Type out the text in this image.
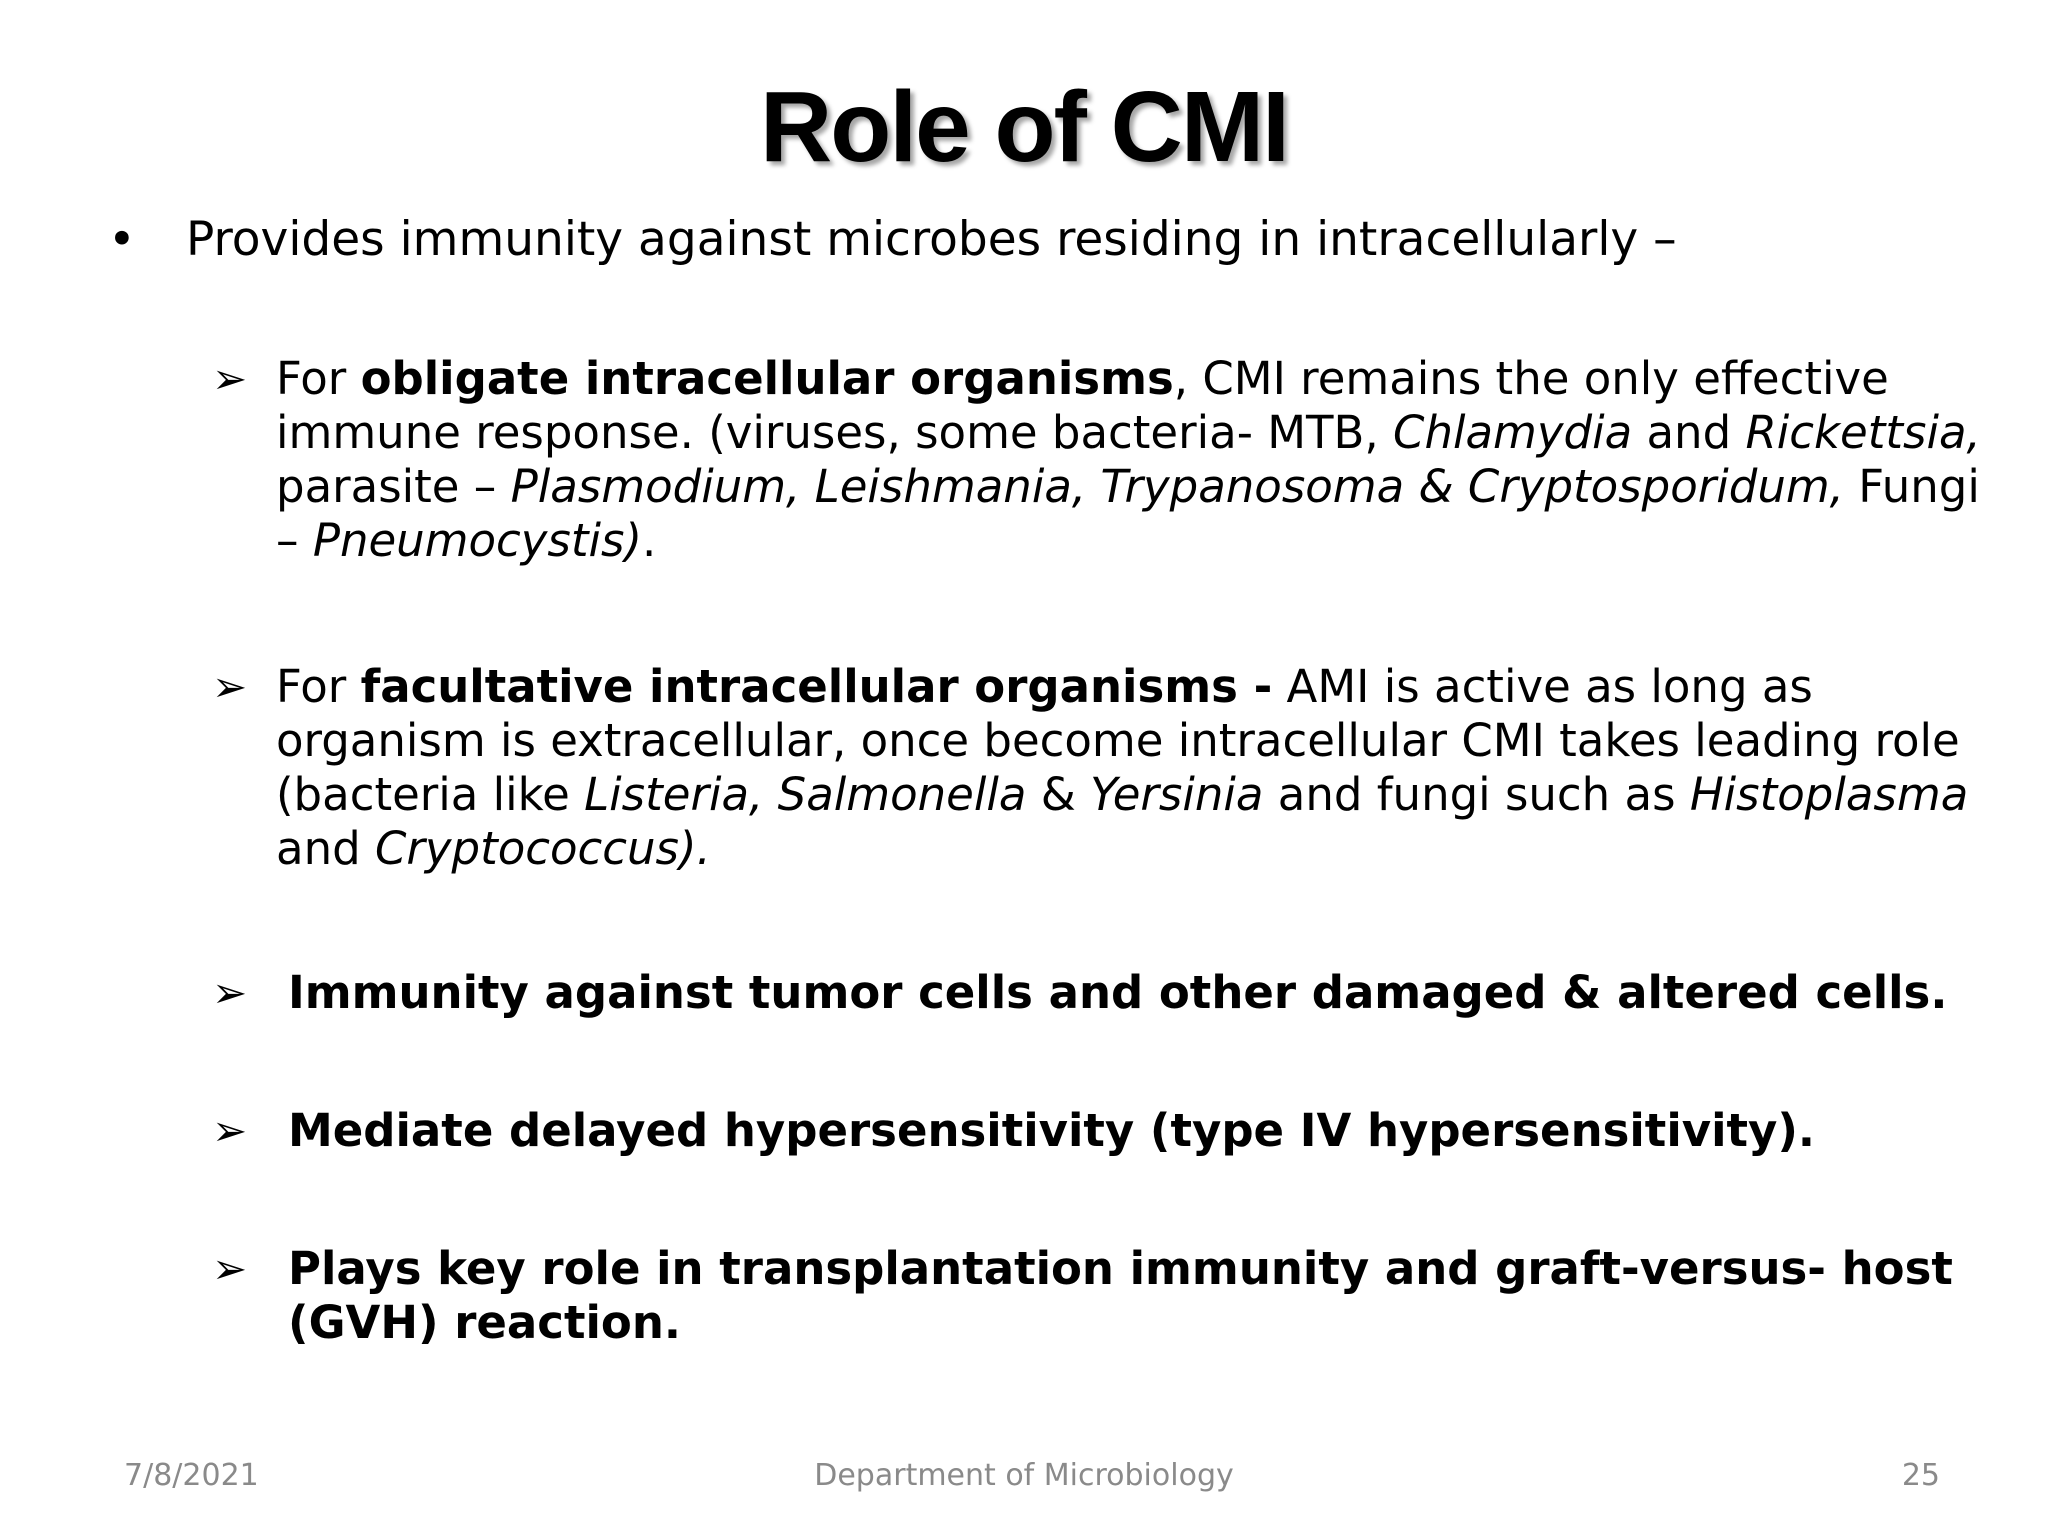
Role of CMI
• Provides immunity against microbes residing in intracellularly –
➢ For obligate intracellular organisms, CMI remains the only effective immune response. (viruses, some bacteria- MTB, Chlamydia and Rickettsia, parasite – Plasmodium, Leishmania, Trypanosoma & Cryptosporidum, Fungi – Pneumocystis).
➢ For facultative intracellular organisms - AMI is active as long as organism is extracellular, once become intracellular CMI takes leading role (bacteria like Listeria, Salmonella & Yersinia and fungi such as Histoplasma and Cryptococcus).
➢ Immunity against tumor cells and other damaged & altered cells.
➢ Mediate delayed hypersensitivity (type IV hypersensitivity).
➢ Plays key role in transplantation immunity and graft-versus- host (GVH) reaction.
7/8/2021	Department of Microbiology	25
